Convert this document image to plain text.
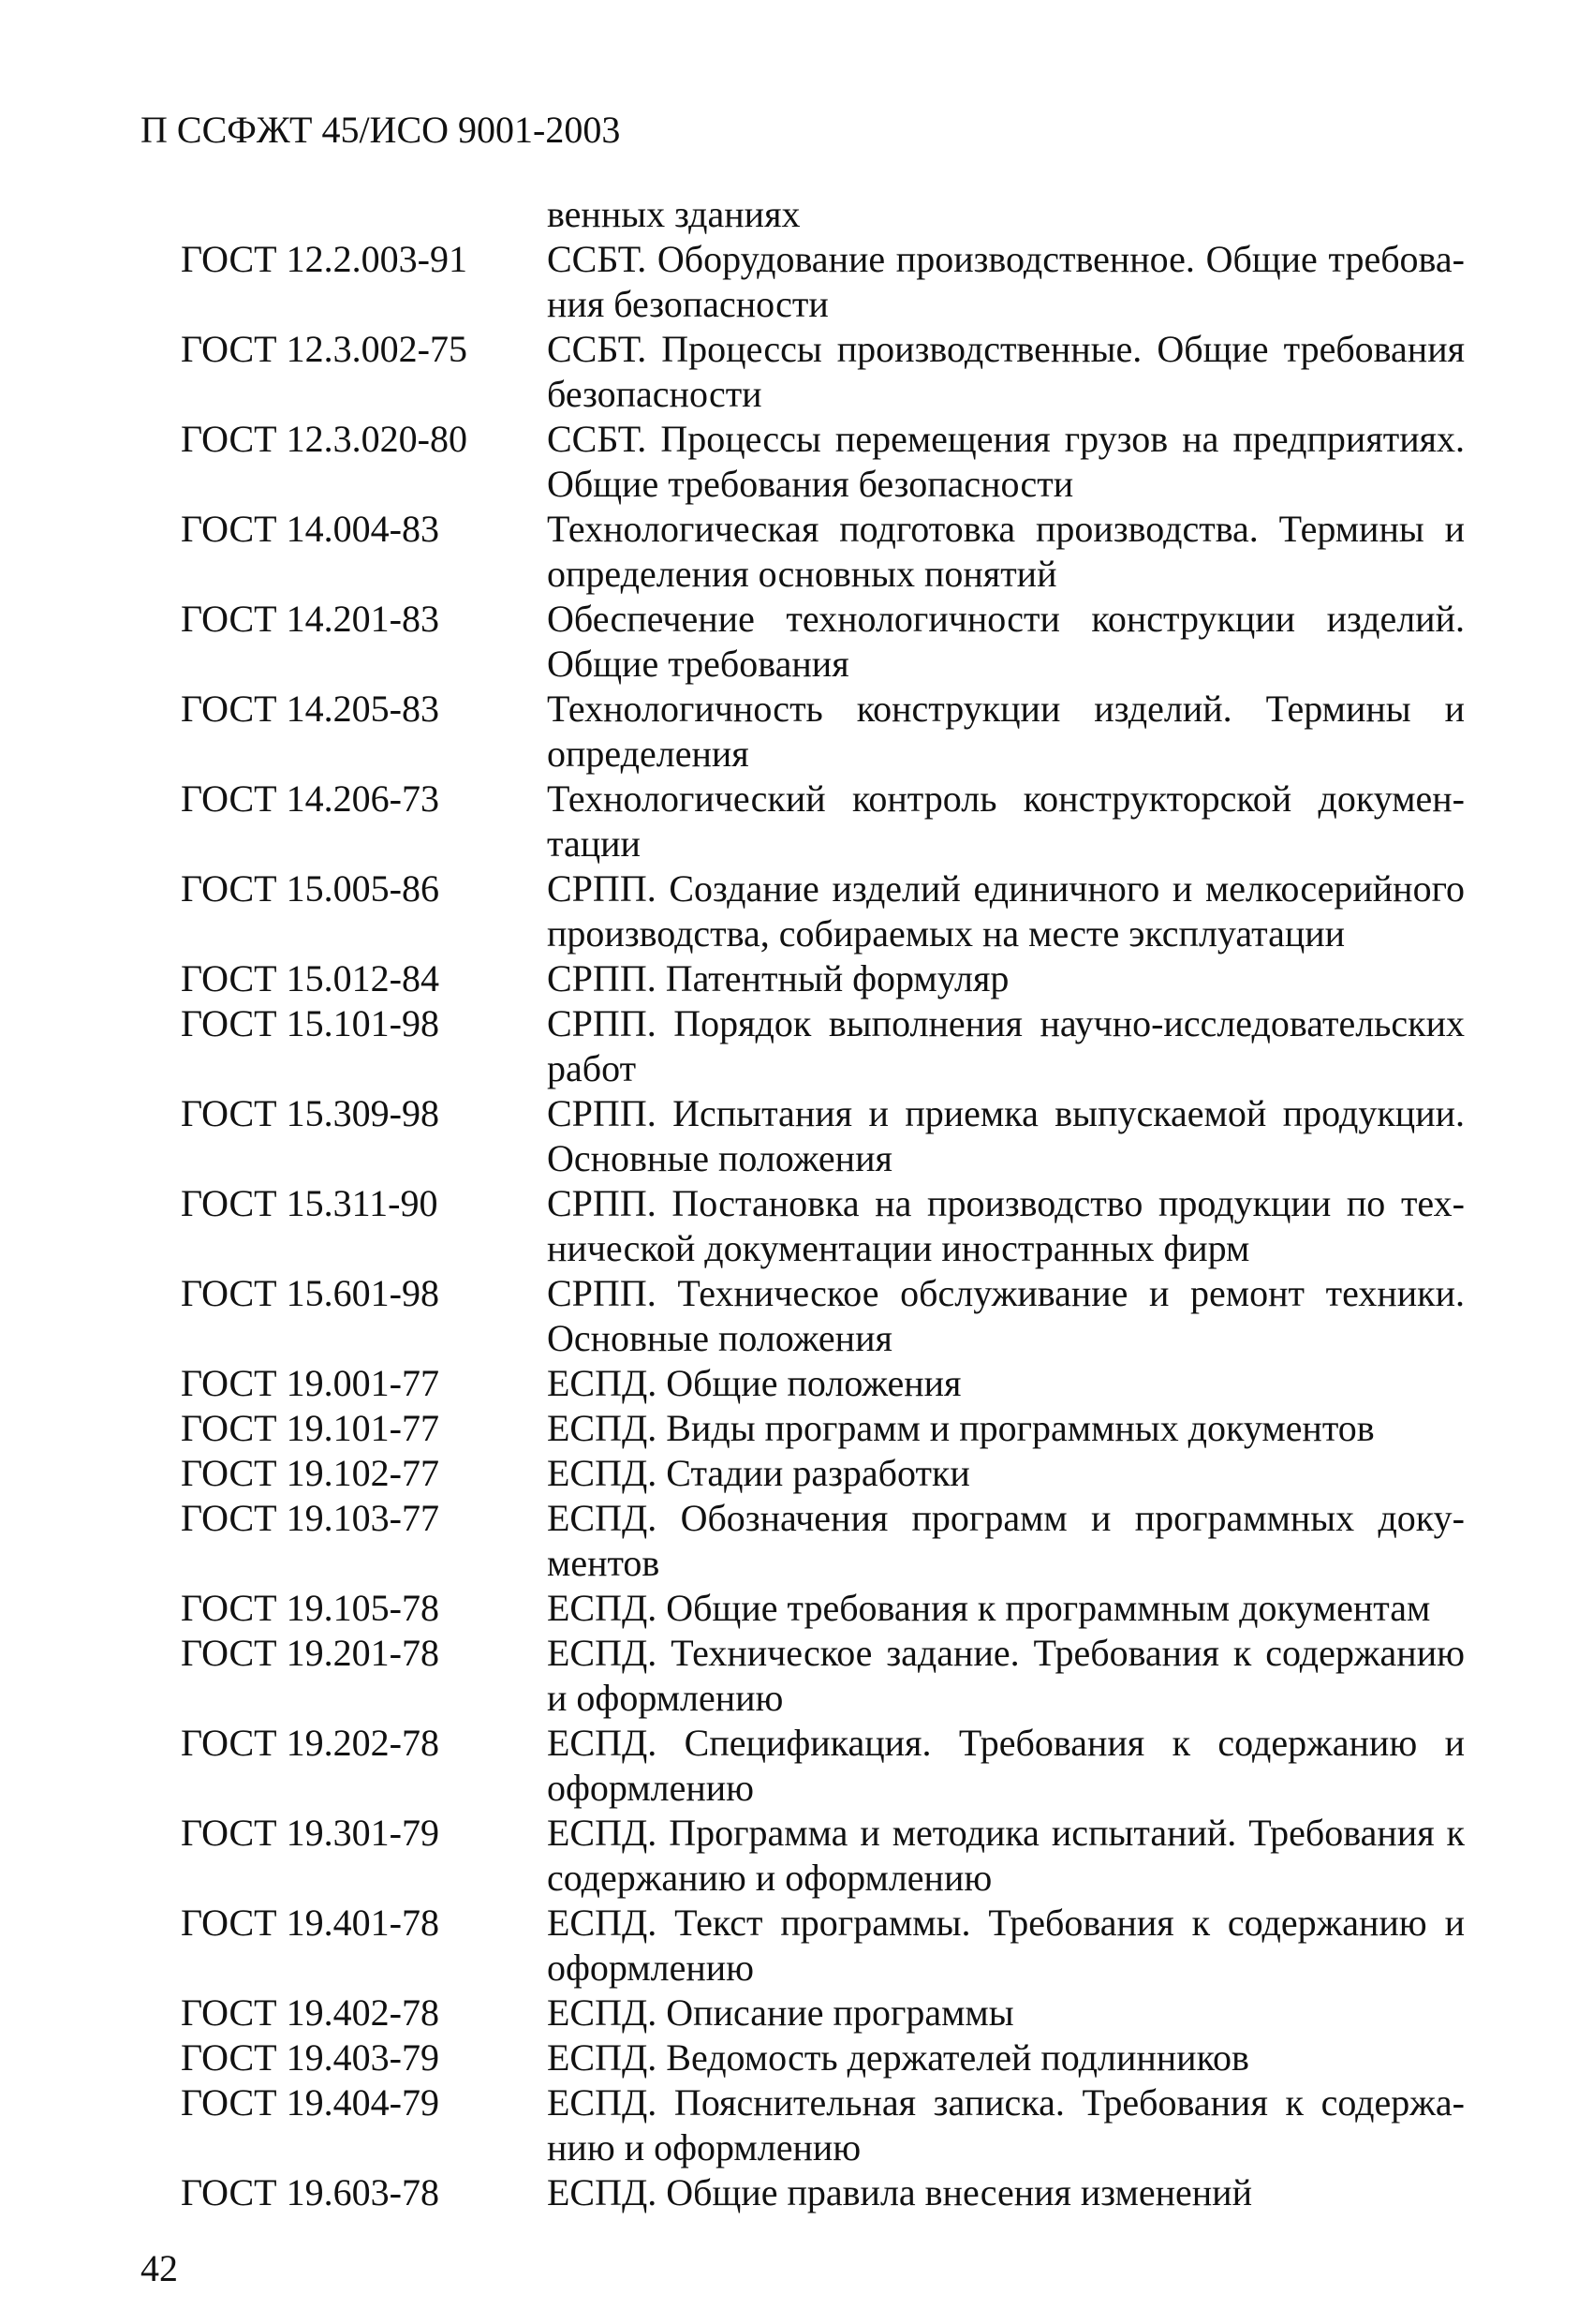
П ССФЖТ 45/ИСО 9001-2003
венных зданиях
ГОСТ 12.2.003-91	ССБТ. Оборудование производственное. Общие требования безопасности
ГОСТ 12.3.002-75	ССБТ. Процессы производственные. Общие требования безопасности
ГОСТ 12.3.020-80	ССБТ. Процессы перемещения грузов на предприятиях. Общие требования безопасности
ГОСТ 14.004-83	Технологическая подготовка производства. Термины и определения основных понятий
ГОСТ 14.201-83	Обеспечение технологичности конструкции изделий. Общие требования
ГОСТ 14.205-83	Технологичность конструкции изделий. Термины и определения
ГОСТ 14.206-73	Технологический контроль конструкторской документации
ГОСТ 15.005-86	СРПП. Создание изделий единичного и мелкосерийного производства, собираемых на месте эксплуатации
ГОСТ 15.012-84	СРПП. Патентный формуляр
ГОСТ 15.101-98	СРПП. Порядок выполнения научно-исследовательских работ
ГОСТ 15.309-98	СРПП. Испытания и приемка выпускаемой продукции. Основные положения
ГОСТ 15.311-90	СРПП. Постановка на производство продукции по технической документации иностранных фирм
ГОСТ 15.601-98	СРПП. Техническое обслуживание и ремонт техники. Основные положения
ГОСТ 19.001-77	ЕСПД. Общие положения
ГОСТ 19.101-77	ЕСПД. Виды программ и программных документов
ГОСТ 19.102-77	ЕСПД. Стадии разработки
ГОСТ 19.103-77	ЕСПД. Обозначения программ и программных документов
ГОСТ 19.105-78	ЕСПД. Общие требования к программным документам
ГОСТ 19.201-78	ЕСПД. Техническое задание. Требования к содержанию и оформлению
ГОСТ 19.202-78	ЕСПД. Спецификация. Требования к содержанию и оформлению
ГОСТ 19.301-79	ЕСПД. Программа и методика испытаний. Требования к содержанию и оформлению
ГОСТ 19.401-78	ЕСПД. Текст программы. Требования к содержанию и оформлению
ГОСТ 19.402-78	ЕСПД. Описание программы
ГОСТ 19.403-79	ЕСПД. Ведомость держателей подлинников
ГОСТ 19.404-79	ЕСПД. Пояснительная записка. Требования к содержанию и оформлению
ГОСТ 19.603-78	ЕСПД. Общие правила внесения изменений
42
